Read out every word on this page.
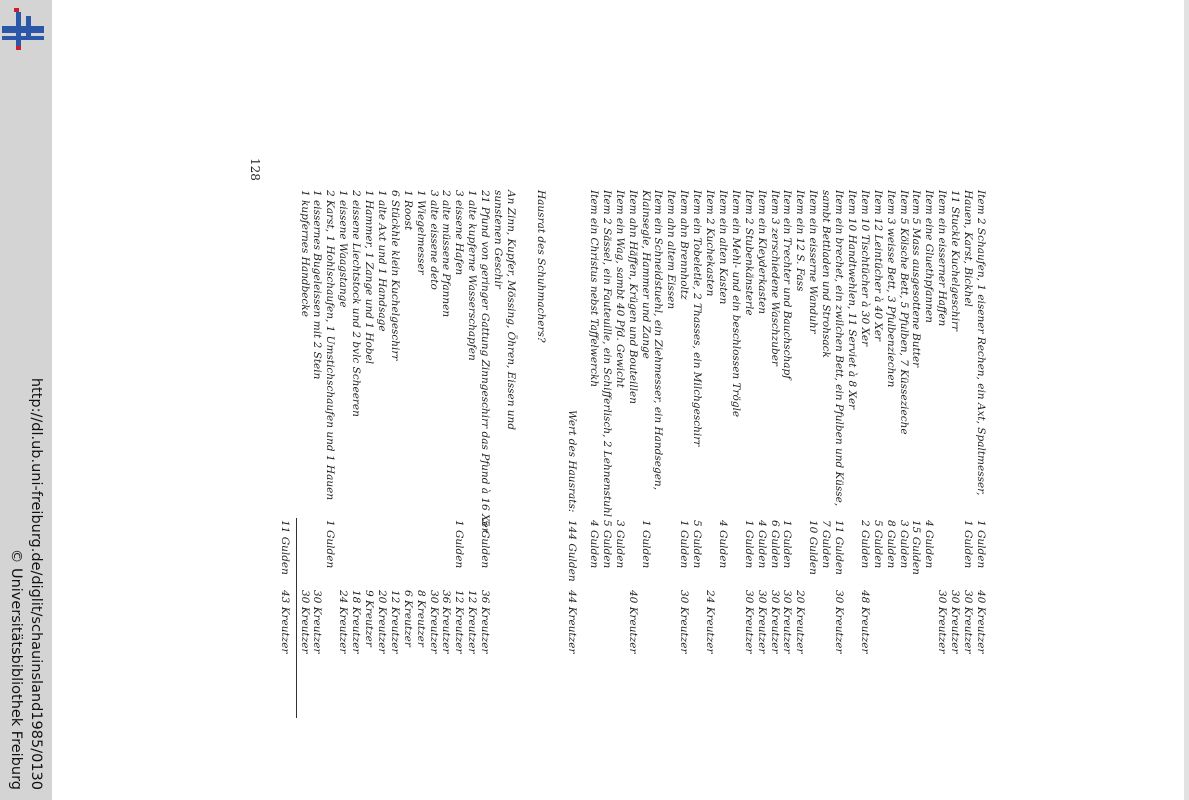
http://dl.ub.uni-freiburg.de/diglit/schauinsland1985/0130
© Universitätsbibliothek Freiburg
128
Item 2 Schaufen, 1 eisener Rechen, ein Axt, Spaltmesser,
1 Gulden
40 Kreutzer
Hauen, Karst, Bickhel
1 Gulden
30 Kreutzer
11 Stuckle Kuchelgeschirr
30 Kreutzer
Item ein eisserner Haffen
30 Kreutzer
Item eine Gluethpfannen
4 Gulden
Item 5 Mass ausgesottene Butter
15 Gulden
Item 5 Kölsche Bett, 5 Pfulben, 7 Küssezieche
3 Gulden
Item 3 weisse Bett, 3 Pfulbenziechen
8 Gulden
Item 12 Leintücher à 40 Xer
5 Gulden
Item 10 Tischtücher à 30 Xer
2 Gulden
48 Kreutzer
Item 10 Handtwehlen, 11 Serviet à 8 Xer
Item ein brechet, ein zwilchen Bett, ein Pfulben und Küsse,
11 Gulden
30 Kreutzer
sambt Bettladen und Strohsack
7 Gulden
Item ein eisserne Wanduhr
10 Gulden
Item ein 12 S. Fass
20 Kreutzer
Item ein Trechter und Bauchschapf
1 Gulden
30 Kreutzer
Item 3 zerschiedene Waschzuber
6 Gulden
30 Kreutzer
Item ein Kleyderkasten
4 Gulden
30 Kreutzer
Item 2 Stubenkänsterle
1 Gulden
30 Kreutzer
Item ein Mehl- und ein beschlossen Tröglе
Item ein alten Kasten
4 Gulden
Item 2 Kuchekasten
24 Kreutzer
Item ein Tobeletle, 2 Thasses, ein Milchgeschirr
5 Gulden
Item ahn Brennholtz
1 Gulden
30 Kreutzer
Item ahn altem Eissen
Item ein Schneidstuehl, ein Ziehmesser, ein Handsegen,
Klainsegle, Hammer und Zange
1 Gulden
Item ahn Häffen, Krügen und Bouteillen
40 Kreutzer
Item ein Wag, sambt 40 Pfd. Gewicht
3 Gulden
Item 2 Sässel, ein Fauteuille, ein Schifferlisch, 2 Lehnenstuhl
5 Gulden
Item ein Christus nebst Taffelwerckh
4 Gulden
Wert des Hausrats:
144 Gulden
44 Kreutzer
Hausrat des Schuhmachers?
An Zinn, Kupfer, Mössing, Öhren, Eissen und
sunstenen Geschir
21 Pfund von geringer Gattung Zinngeschirr das Pfund à 16 Xer
5 Gulden
36 Kreutzer
1 alte kupferne Wasserschapfen
12 Kreutzer
3 eissene Hafen
1 Gulden
12 Kreutzer
2 alte müssene Pfannen
36 Kreutzer
3 alte eissene deto
30 Kreutzer
1 Wiegelmesser
8 Kreutzer
1 Roost
6 Kreutzer
6 Stückhle klein Kuchelgeschirr
12 Kreutzer
1 alte Axt und 1 Handsage
20 Kreutzer
1 Hammer, 1 Zange und 1 Hobel
9 Kreutzer
2 eissene Liechtstock und 2 bvlc Scheeren
18 Kreutzer
1 eissene Waagstange
24 Kreutzer
2 Karst, 1 Hohlschaufen, 1 Umstichschaufen und 1 Hauen
1 Gulden
1 eissernes Bugeleissen mit 2 Stein
30 Kreutzer
1 kupfernes Handbecke
30 Kreutzer
11 Gulden
43 Kreutzer
